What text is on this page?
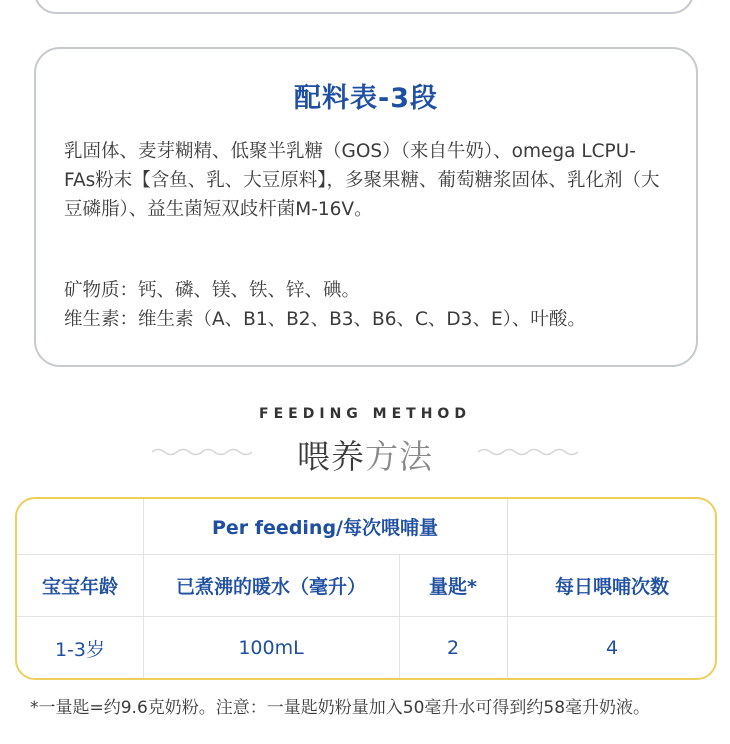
配料表-3段
乳固体、麦芽糊精、低聚半乳糖（GOS）（来自牛奶）、omega LCPU-
FAs粉末【含鱼、乳、大豆原料】，多聚果糖、葡萄糖浆固体、乳化剂（大
豆磷脂）、益生菌短双歧杆菌M-16V。
矿物质：钙、磷、镁、铁、锌、碘。
维生素：维生素（A、B1、B2、B3、B6、C、D3、E）、叶酸。
FEEDING METHOD
喂养方法
Per feeding/每次喂哺量
宝宝年龄	已煮沸的暖水（毫升）	量匙*	每日喂哺次数
1-3岁	100mL	2	4
*一量匙=约9.6克奶粉。注意：一量匙奶粉量加入50毫升水可得到约58毫升奶液。
